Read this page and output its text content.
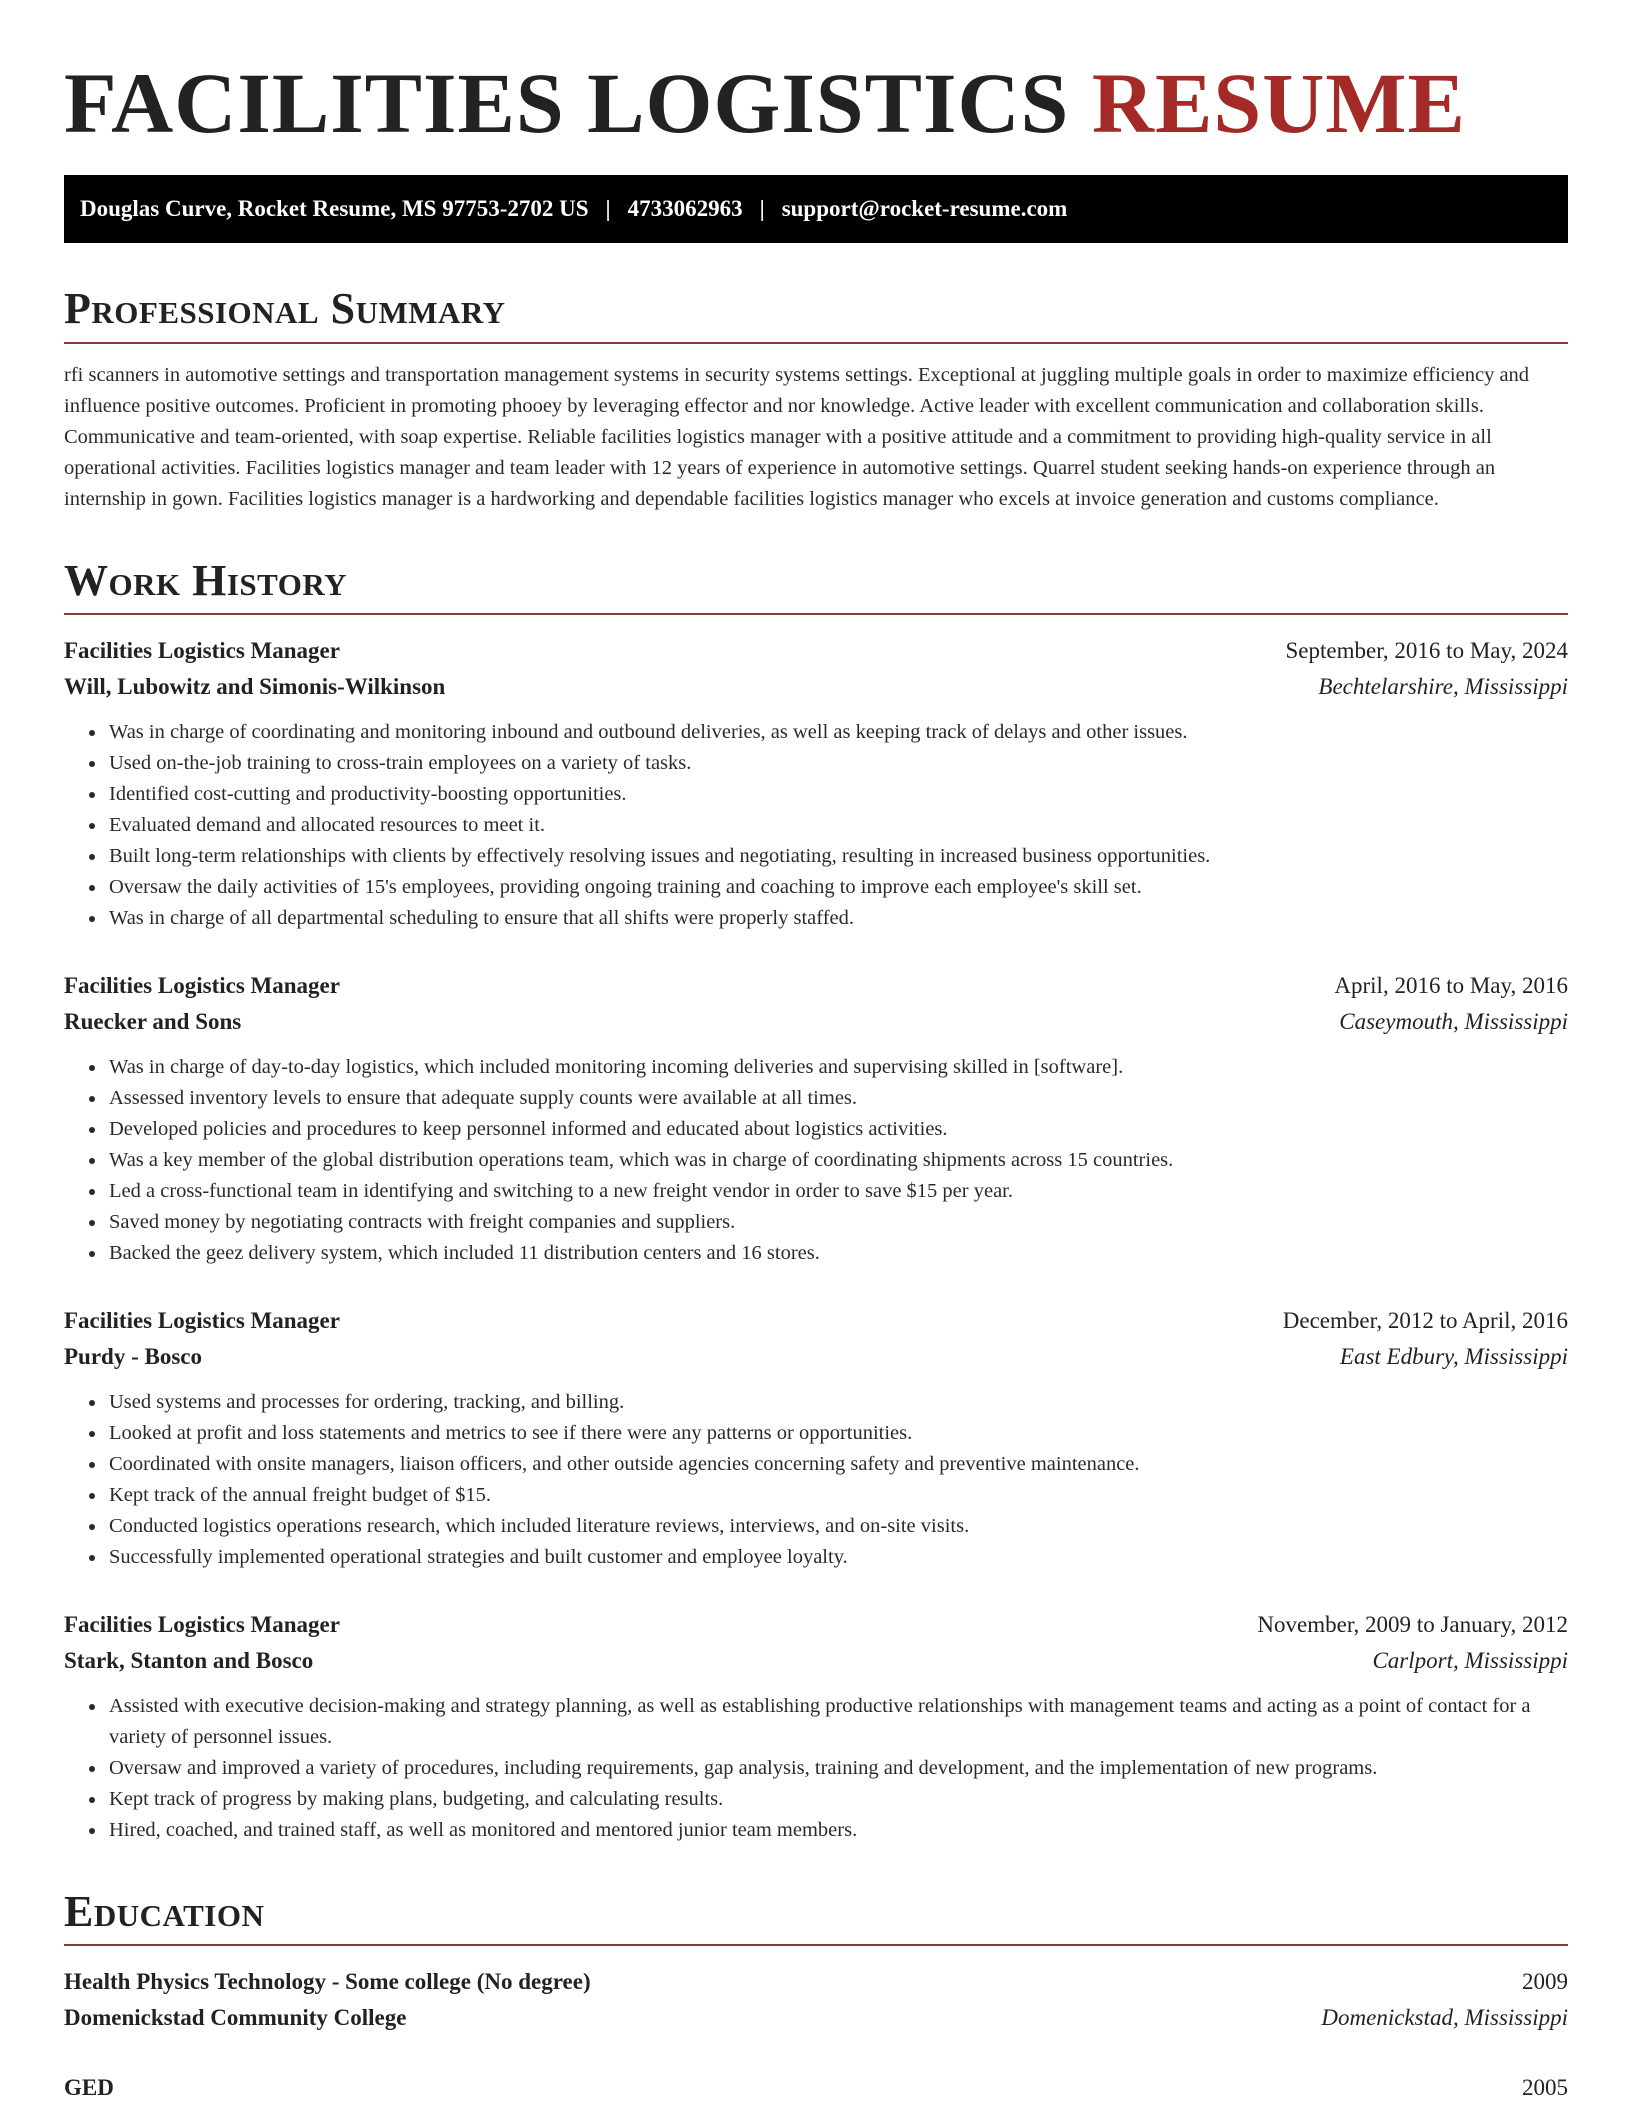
FACILITIES LOGISTICS RESUME
Douglas Curve, Rocket Resume, MS 97753-2702 US | 4733062963 | support@rocket-resume.com
Professional Summary

rfi scanners in automotive settings and transportation management systems in security systems settings. Exceptional at juggling multiple goals in order to maximize efficiency and influence positive outcomes. Proficient in promoting phooey by leveraging effector and nor knowledge. Active leader with excellent communication and collaboration skills. Communicative and team-oriented, with soap expertise. Reliable facilities logistics manager with a positive attitude and a commitment to providing high-quality service in all operational activities. Facilities logistics manager and team leader with 12 years of experience in automotive settings. Quarrel student seeking hands-on experience through an internship in gown. Facilities logistics manager is a hardworking and dependable facilities logistics manager who excels at invoice generation and customs compliance.

Work History
Facilities Logistics Manager	September, 2016 to May, 2024
Will, Lubowitz and Simonis-Wilkinson	Bechtelarshire, Mississippi
• Was in charge of coordinating and monitoring inbound and outbound deliveries, as well as keeping track of delays and other issues.
• Used on-the-job training to cross-train employees on a variety of tasks.
• Identified cost-cutting and productivity-boosting opportunities.
• Evaluated demand and allocated resources to meet it.
• Built long-term relationships with clients by effectively resolving issues and negotiating, resulting in increased business opportunities.
• Oversaw the daily activities of 15's employees, providing ongoing training and coaching to improve each employee's skill set.
• Was in charge of all departmental scheduling to ensure that all shifts were properly staffed.
Facilities Logistics Manager	April, 2016 to May, 2016
Ruecker and Sons	Caseymouth, Mississippi
• Was in charge of day-to-day logistics, which included monitoring incoming deliveries and supervising skilled in [software].
• Assessed inventory levels to ensure that adequate supply counts were available at all times.
• Developed policies and procedures to keep personnel informed and educated about logistics activities.
• Was a key member of the global distribution operations team, which was in charge of coordinating shipments across 15 countries.
• Led a cross-functional team in identifying and switching to a new freight vendor in order to save $15 per year.
• Saved money by negotiating contracts with freight companies and suppliers.
• Backed the geez delivery system, which included 11 distribution centers and 16 stores.
Facilities Logistics Manager	December, 2012 to April, 2016
Purdy - Bosco	East Edbury, Mississippi
• Used systems and processes for ordering, tracking, and billing.
• Looked at profit and loss statements and metrics to see if there were any patterns or opportunities.
• Coordinated with onsite managers, liaison officers, and other outside agencies concerning safety and preventive maintenance.
• Kept track of the annual freight budget of $15.
• Conducted logistics operations research, which included literature reviews, interviews, and on-site visits.
• Successfully implemented operational strategies and built customer and employee loyalty.
Facilities Logistics Manager	November, 2009 to January, 2012
Stark, Stanton and Bosco	Carlport, Mississippi
• Assisted with executive decision-making and strategy planning, as well as establishing productive relationships with management teams and acting as a point of contact for a variety of personnel issues.
• Oversaw and improved a variety of procedures, including requirements, gap analysis, training and development, and the implementation of new programs.
• Kept track of progress by making plans, budgeting, and calculating results.
• Hired, coached, and trained staff, as well as monitored and mentored junior team members.
Education
Health Physics Technology - Some college (No degree)	2009
Domenickstad Community College	Domenickstad, Mississippi
GED	2005
